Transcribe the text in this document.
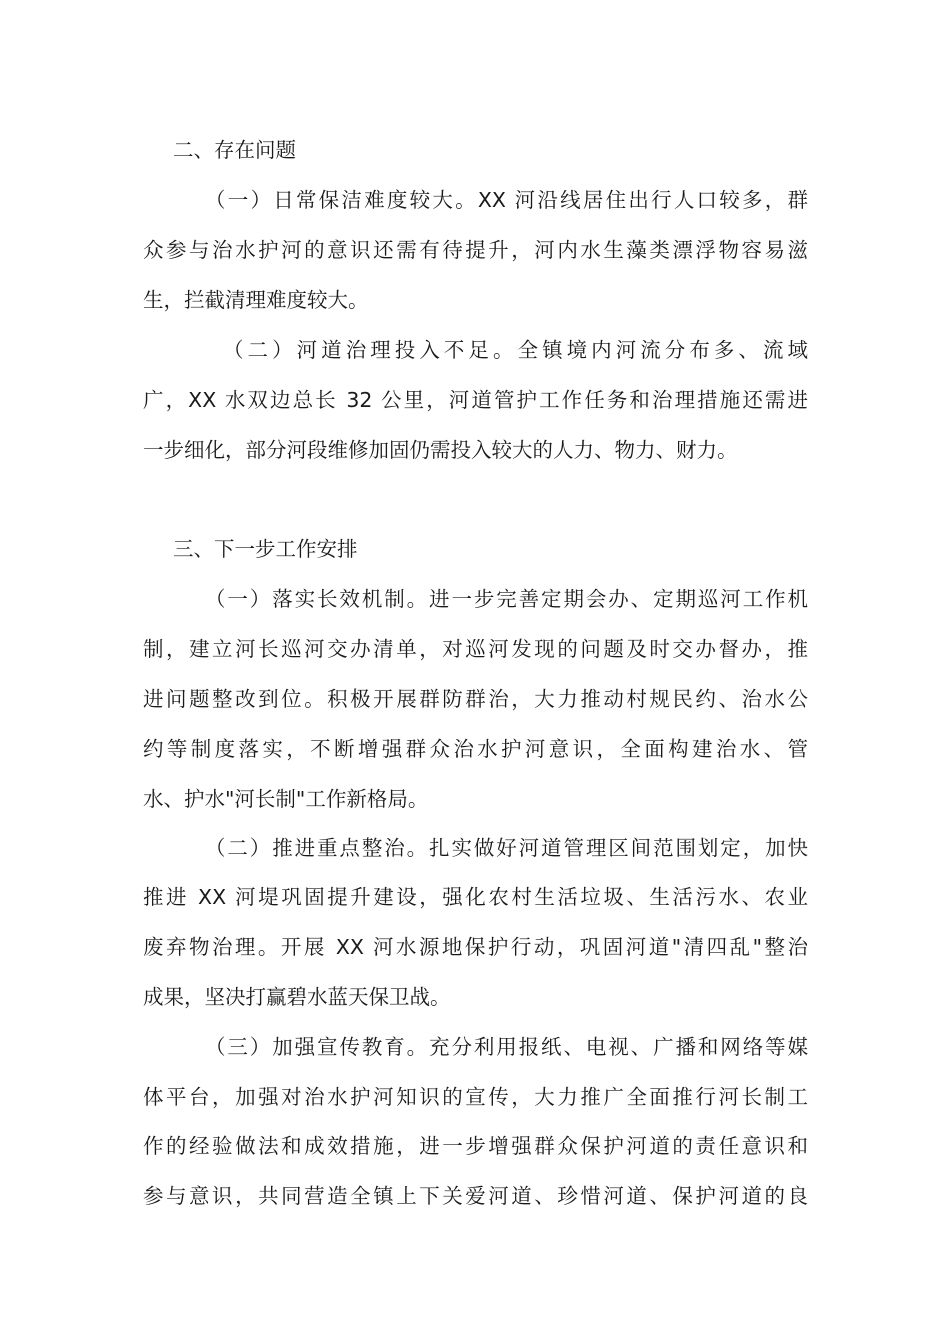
二、存在问题
（一）日常保洁难度较大。XX 河沿线居住出行人口较多，群
众参与治水护河的意识还需有待提升，河内水生藻类漂浮物容易滋
生，拦截清理难度较大。
（二）河道治理投入不足。全镇境内河流分布多、流域
广，XX 水双边总长 32 公里，河道管护工作任务和治理措施还需进
一步细化，部分河段维修加固仍需投入较大的人力、物力、财力。
三、下一步工作安排
（一）落实长效机制。进一步完善定期会办、定期巡河工作机
制，建立河长巡河交办清单，对巡河发现的问题及时交办督办，推
进问题整改到位。积极开展群防群治，大力推动村规民约、治水公
约等制度落实，不断增强群众治水护河意识，全面构建治水、管
水、护水"河长制"工作新格局。
（二）推进重点整治。扎实做好河道管理区间范围划定，加快
推进 XX 河堤巩固提升建设，强化农村生活垃圾、生活污水、农业
废弃物治理。开展 XX 河水源地保护行动，巩固河道"清四乱"整治
成果，坚决打赢碧水蓝天保卫战。
（三）加强宣传教育。充分利用报纸、电视、广播和网络等媒
体平台，加强对治水护河知识的宣传，大力推广全面推行河长制工
作的经验做法和成效措施，进一步增强群众保护河道的责任意识和
参与意识，共同营造全镇上下关爱河道、珍惜河道、保护河道的良
